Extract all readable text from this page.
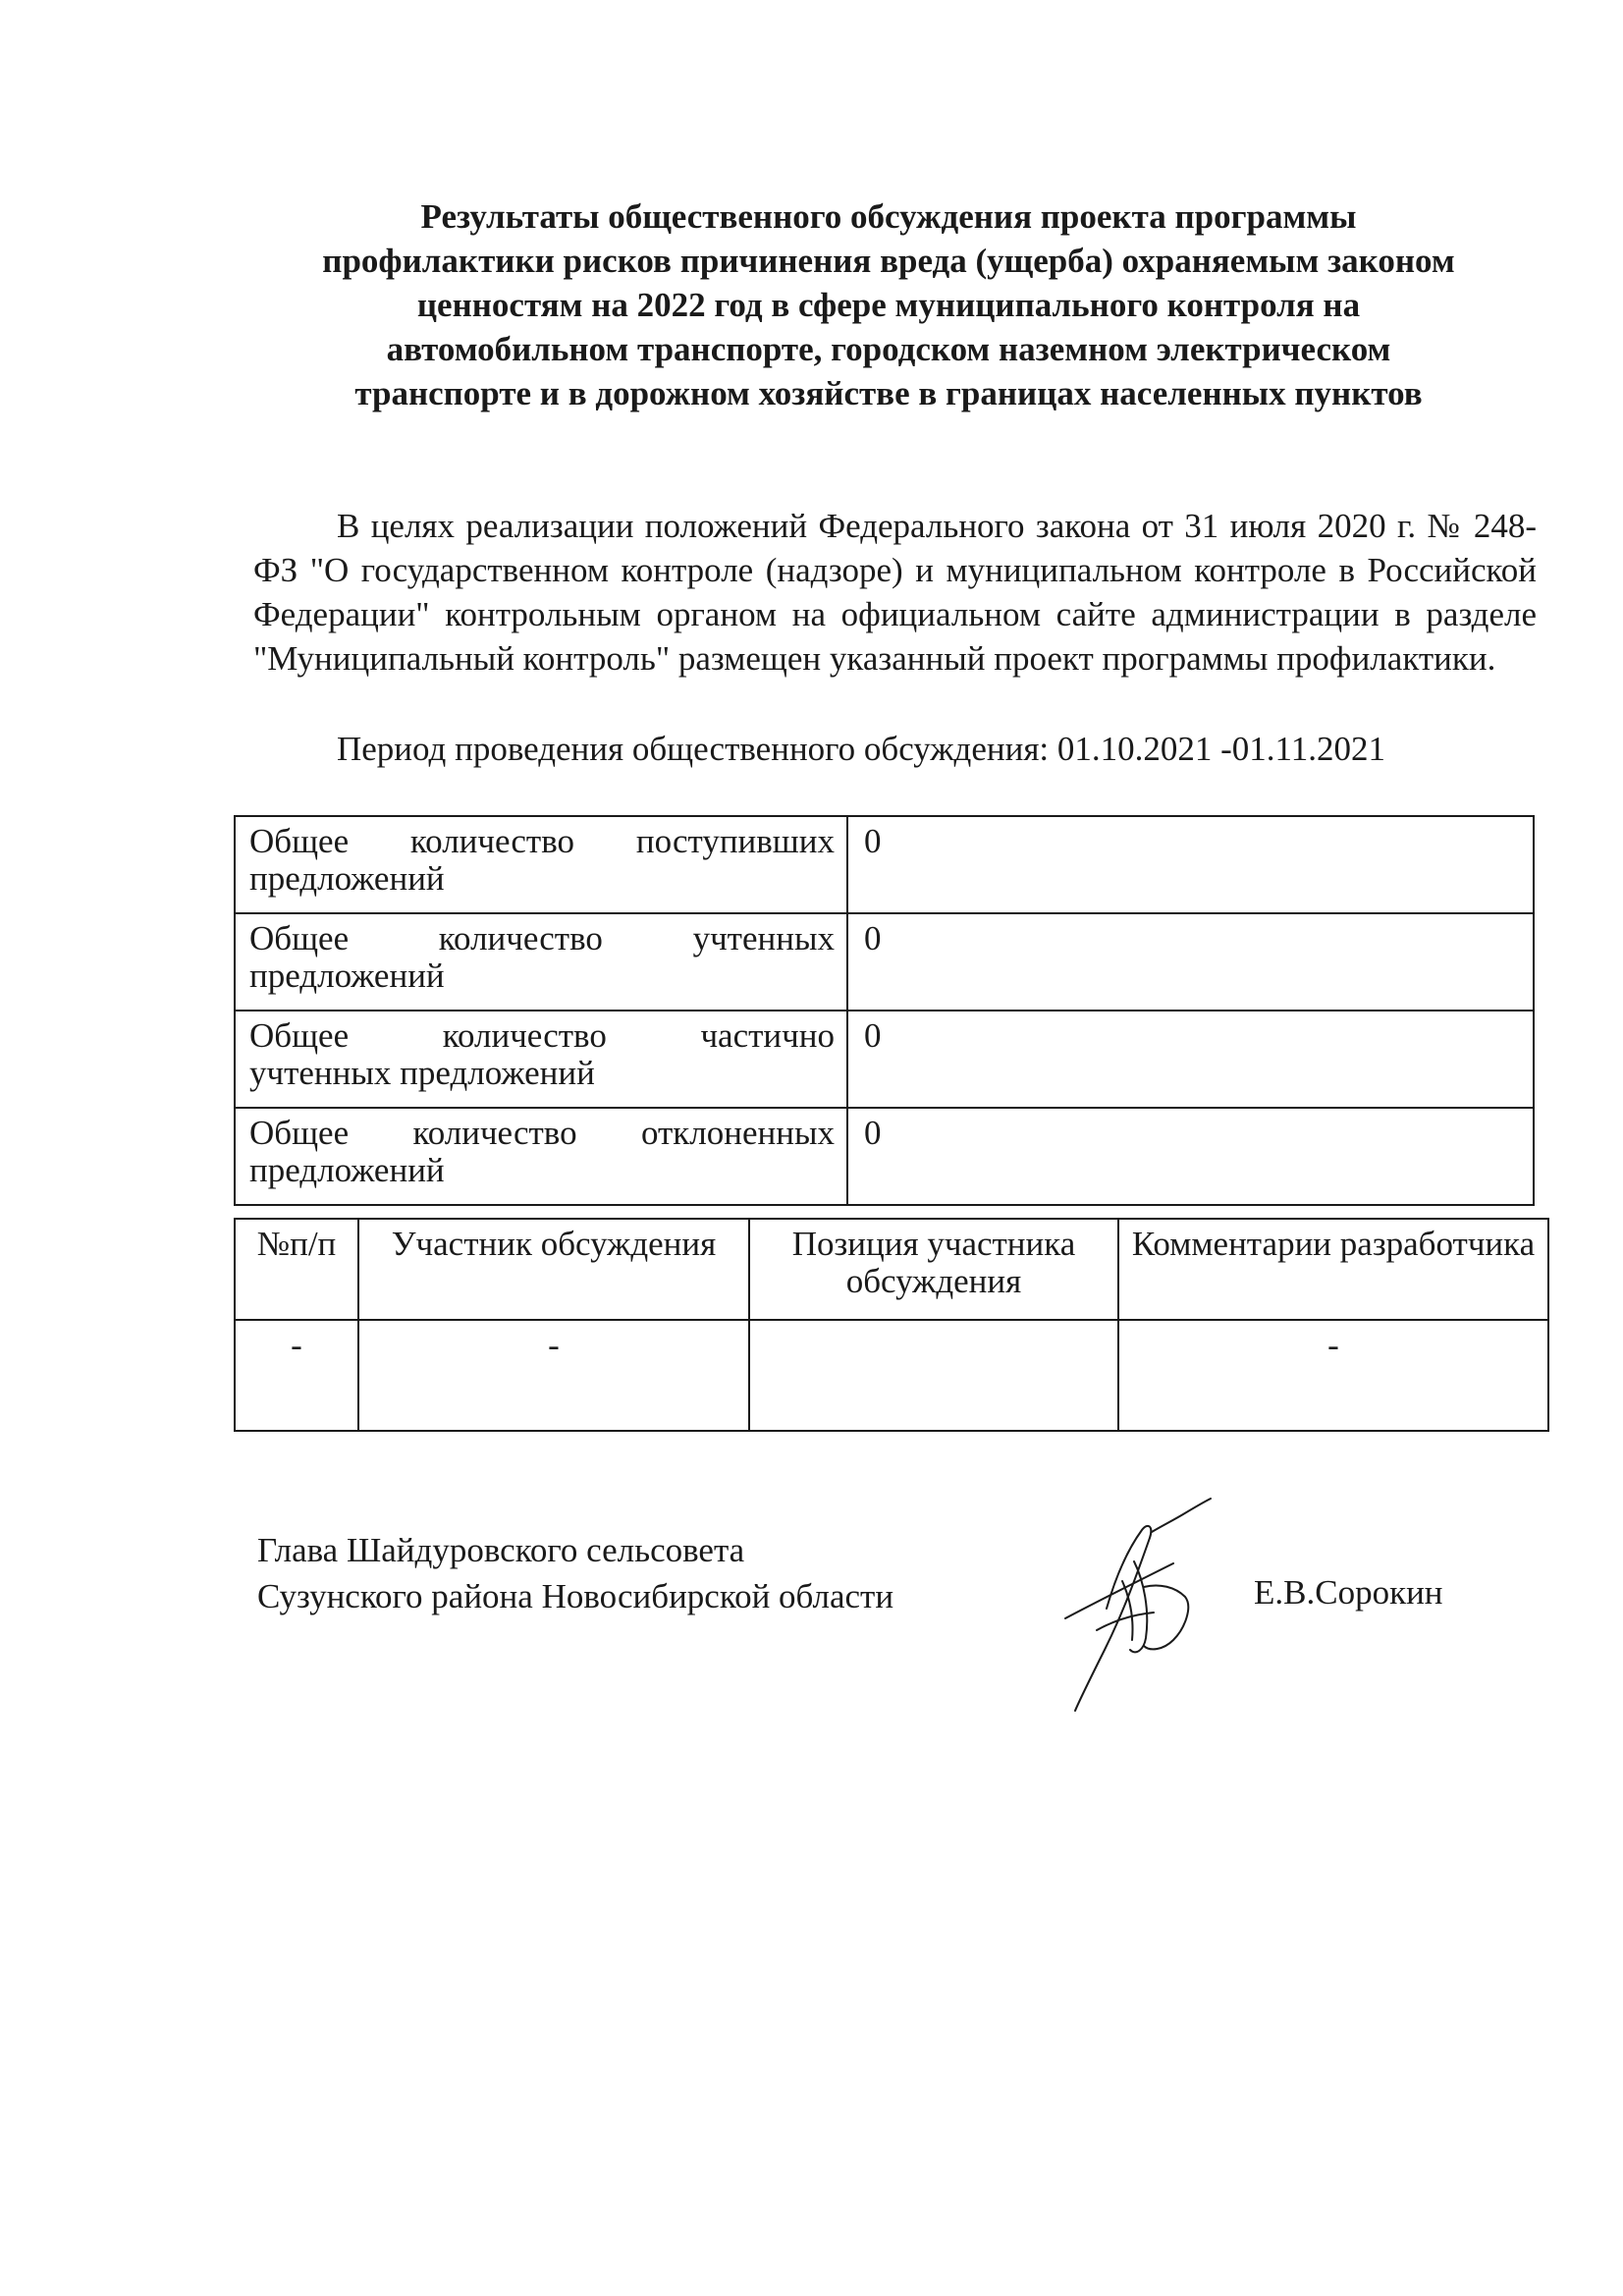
Результаты общественного обсуждения проекта программы
профилактики рисков причинения вреда (ущерба) охраняемым законом
ценностям на 2022 год в сфере муниципального контроля на
автомобильном транспорте, городском наземном электрическом
транспорте и в дорожном хозяйстве в границах населенных пунктов

В целях реализации положений Федерального закона от 31 июля 2020 г. № 248-ФЗ "О государственном контроле (надзоре) и муниципальном контроле в Российской Федерации" контрольным органом на официальном сайте администрации в разделе "Муниципальный контроль" размещен указанный проект программы профилактики.

Период проведения общественного обсуждения: 01.10.2021 -01.11.2021
Общее количество поступивших
предложений	0

Общее количество учтенных
предложений	0

Общее количество частично
учтенных предложений	0

Общее количество отклоненных
предложений	0
№п/п	Участник обсуждения	Позиция участника обсуждения	Комментарии разработчика
-	-		-
Глава Шайдуровского сельсовета
Сузунского района Новосибирской области	Е.В.Сорокин
